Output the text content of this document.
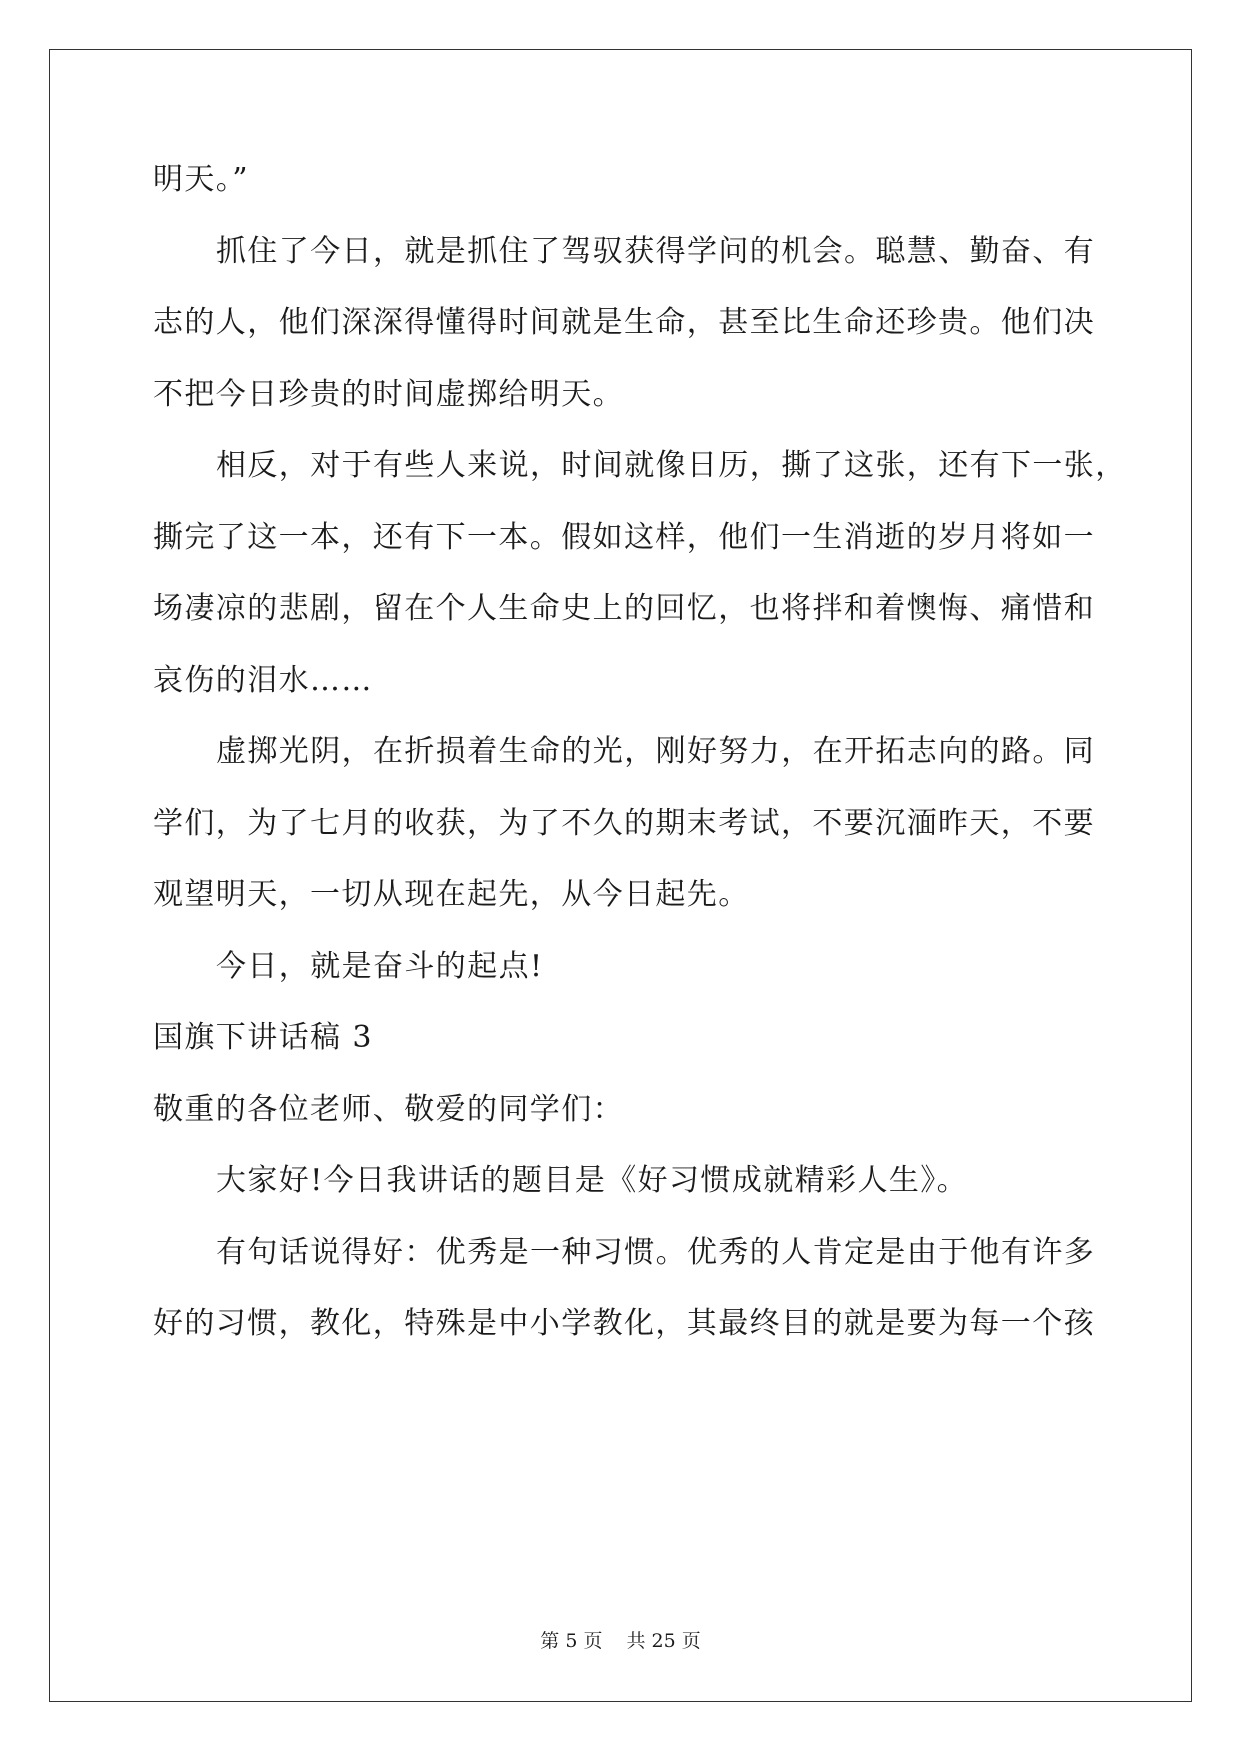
明天。”

抓住了今日，就是抓住了驾驭获得学问的机会。聪慧、勤奋、有

志的人，他们深深得懂得时间就是生命，甚至比生命还珍贵。他们决

不把今日珍贵的时间虚掷给明天。

相反，对于有些人来说，时间就像日历，撕了这张，还有下一张，

撕完了这一本，还有下一本。假如这样，他们一生消逝的岁月将如一

场凄凉的悲剧，留在个人生命史上的回忆，也将拌和着懊悔、痛惜和

哀伤的泪水……

虚掷光阴，在折损着生命的光，刚好努力，在开拓志向的路。同

学们，为了七月的收获，为了不久的期末考试，不要沉湎昨天，不要

观望明天，一切从现在起先，从今日起先。

今日，就是奋斗的起点!

国旗下讲话稿 3

敬重的各位老师、敬爱的同学们：

大家好!今日我讲话的题目是《好习惯成就精彩人生》。

有句话说得好：优秀是一种习惯。优秀的人肯定是由于他有许多

好的习惯，教化，特殊是中小学教化，其最终目的就是要为每一个孩

第 5 页 共 25 页
